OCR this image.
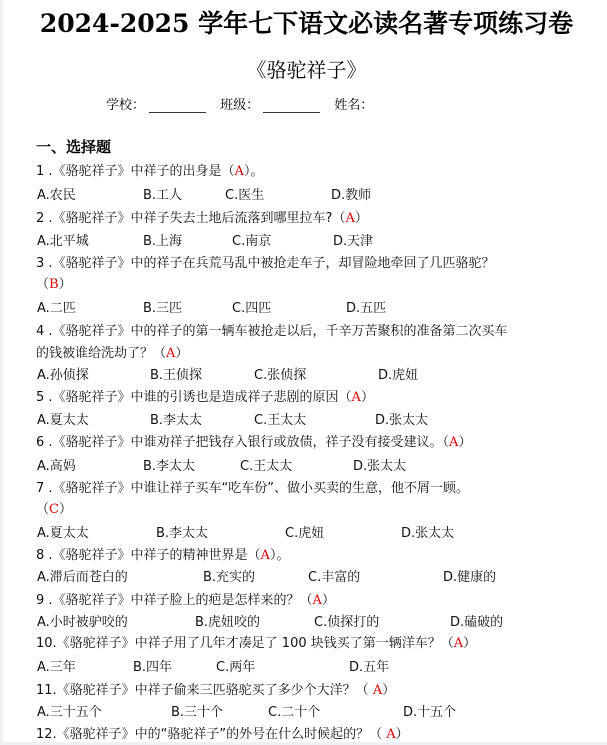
2024-2025 学年七下语文必读名著专项练习卷
《骆驼祥子》
学校：	班级：	姓名：
一、选择题
1 .《骆驼祥子》中祥子的出身是（A）。
A.农民	B.工人	C.医生	D.教师
2 .《骆驼祥子》中祥子失去土地后流落到哪里拉车?（A）
A.北平城	B.上海	C.南京	D.天津
3 .《骆驼祥子》中的祥子在兵荒马乱中被抢走车子，却冒险地牵回了几匹骆驼？
（B）
A.二匹	B.三匹	C.四匹	D.五匹
4 .《骆驼祥子》中的祥子的第一辆车被抢走以后，千辛万苦聚积的准备第二次买车
的钱被谁给洗劫了？（A）
A.孙侦探	B.王侦探	C.张侦探	D.虎妞
5 .《骆驼祥子》中谁的引诱也是造成祥子悲剧的原因（A）
A.夏太太	B.李太太	C.王太太	D.张太太
6 .《骆驼祥子》中谁劝祥子把钱存入银行或放债，祥子没有接受建议。（A）
A.高妈	B.李太太	C.王太太	D.张太太
7 .《骆驼祥子》中谁让祥子买车“吃车份”、做小买卖的生意，他不屑一顾。
（C）
A.夏太太	B.李太太	C.虎妞	D.张太太
8 .《骆驼祥子》中祥子的精神世界是（A）。
A.滞后而苍白的	B.充实的	C.丰富的	D.健康的
9 .《骆驼祥子》中祥子脸上的疤是怎样来的？（A）
A.小时被驴咬的	B.虎妞咬的	C.侦探打的	D.磕破的
10.《骆驼祥子》中祥子用了几年才凑足了 100 块钱买了第一辆洋车？（A）
A.三年	B.四年	C.两年	D.五年
11.《骆驼祥子》中祥子偷来三匹骆驼买了多少个大洋？（ A）
A.三十五个	B.三十个	C.二十个	D.十五个
12.《骆驼祥子》中的“骆驼祥子”的外号在什么时候起的？（ A）
